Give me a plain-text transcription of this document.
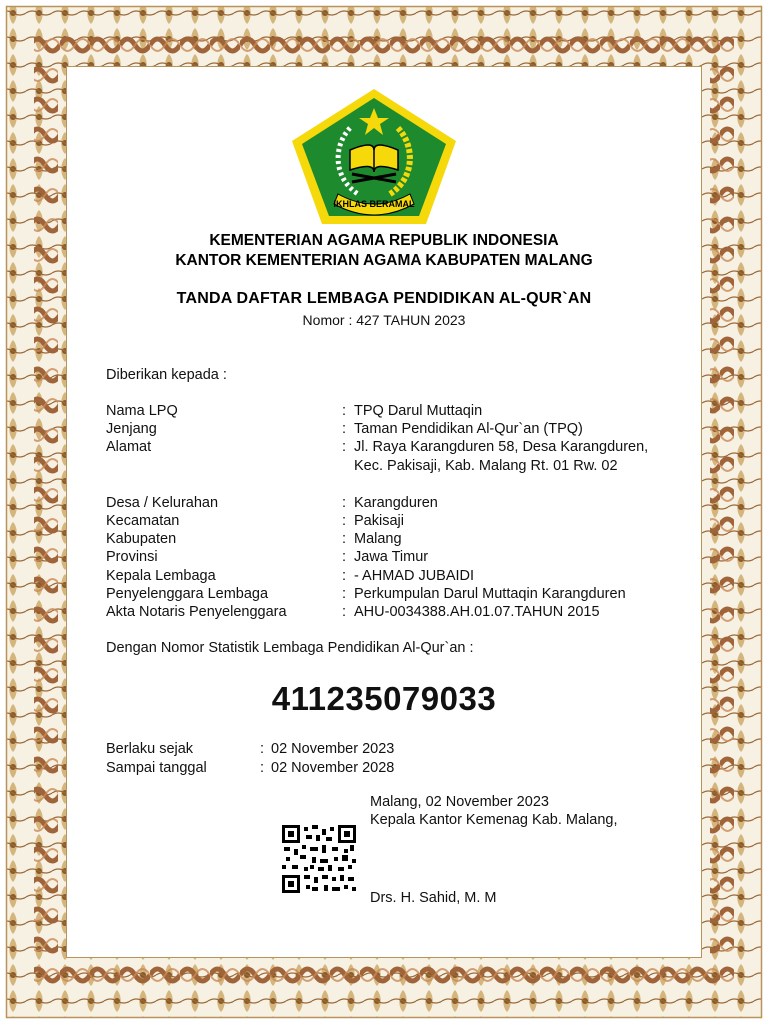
IKHLAS BERAMAL
KEMENTERIAN AGAMA REPUBLIK INDONESIA
KANTOR KEMENTERIAN AGAMA KABUPATEN MALANG
TANDA DAFTAR LEMBAGA PENDIDIKAN AL-QUR`AN
Nomor : 427 TAHUN 2023
Diberikan kepada :
Nama LPQ	: TPQ Darul Muttaqin
Jenjang	: Taman Pendidikan Al-Qur`an (TPQ)
Alamat	: Jl. Raya Karangduren 58, Desa Karangduren, Kec. Pakisaji, Kab. Malang Rt. 01 Rw. 02
Desa / Kelurahan	: Karangduren
Kecamatan	: Pakisaji
Kabupaten	: Malang
Provinsi	: Jawa Timur
Kepala Lembaga	: - AHMAD JUBAIDI
Penyelenggara Lembaga	: Perkumpulan Darul Muttaqin Karangduren
Akta Notaris Penyelenggara	: AHU-0034388.AH.01.07.TAHUN 2015
Dengan Nomor Statistik Lembaga Pendidikan Al-Qur`an :
411235079033
Berlaku sejak	: 02 November 2023
Sampai tanggal	: 02 November 2028
Malang, 02 November 2023
Kepala Kantor Kemenag Kab. Malang,
Drs. H. Sahid, M. M
